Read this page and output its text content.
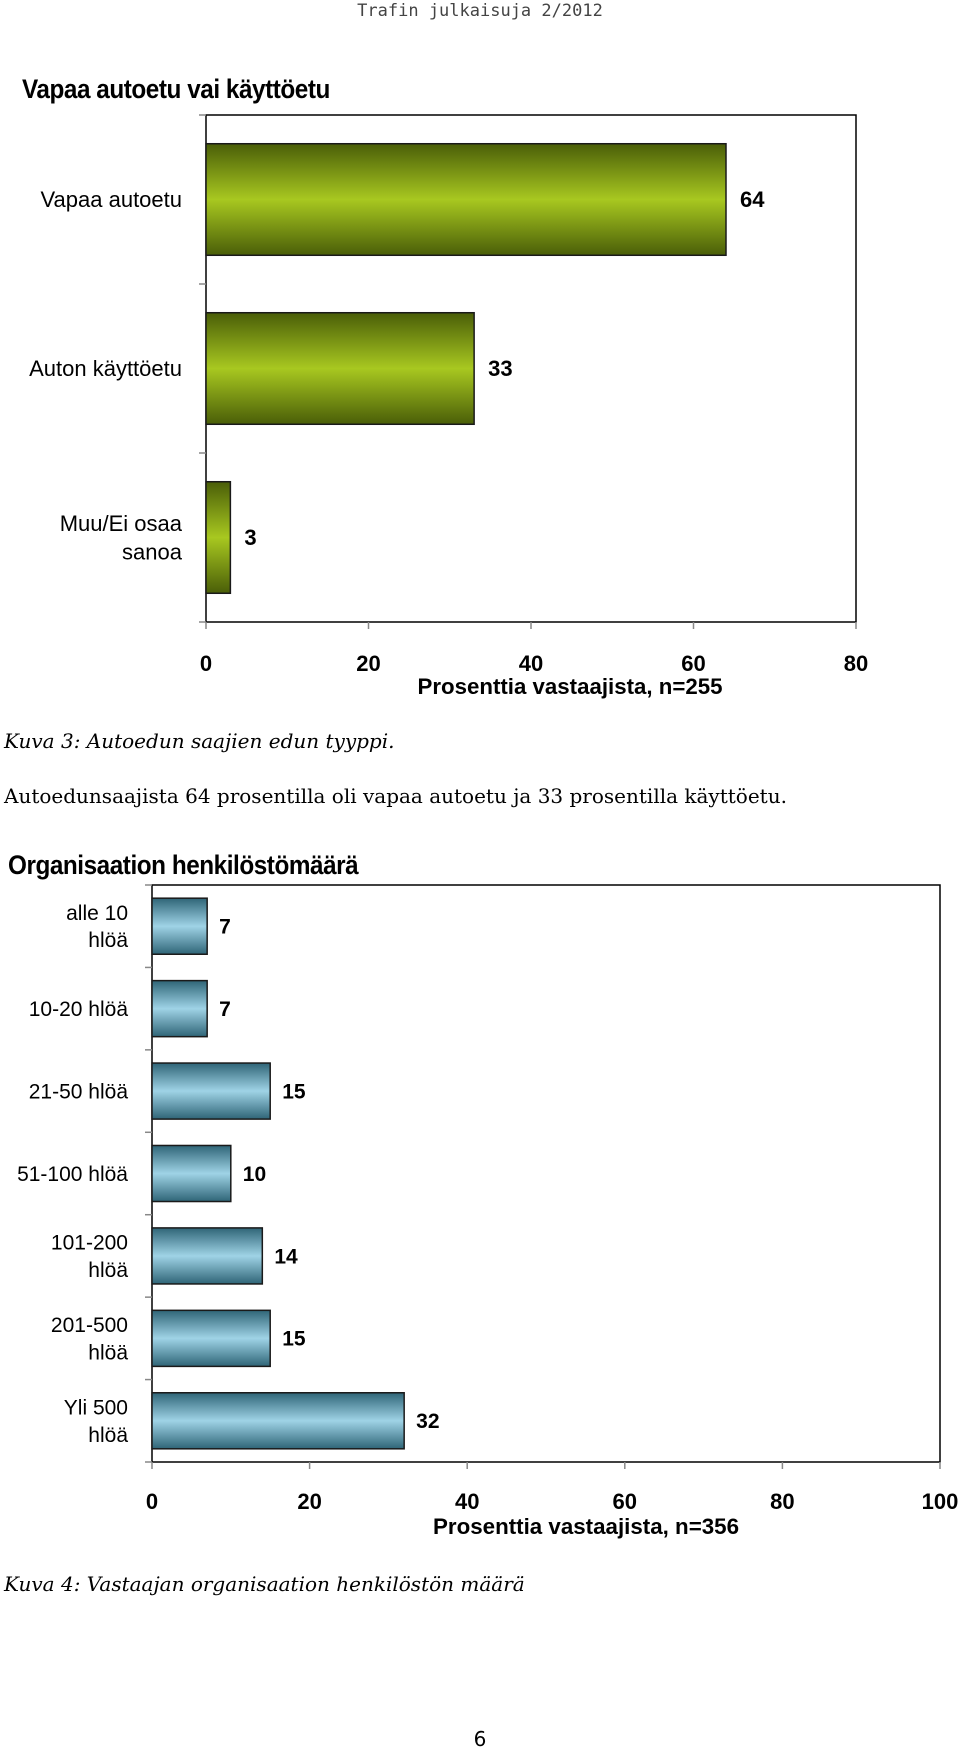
Trafin julkaisuja 2/2012
Vapaa autoetu vai käyttöetu
64
Vapaa autoetu
33
Auton käyttöetu
3
Muu/Ei osaa sanoa
0	20	40	60	80
Prosenttia vastaajista, n=255
Kuva 3: Autoedun saajien edun tyyppi.
Autoedunsaajista 64 prosentilla oli vapaa autoetu ja 33 prosentilla käyttöetu.
Organisaation henkilöstömäärä
7
alle 10 hlöä
7
10-20 hlöä
15
21-50 hlöä
10
51-100 hlöä
14
101-200 hlöä
15
201-500 hlöä
32
Yli 500 hlöä
0	20	40	60	80	100
Prosenttia vastaajista, n=356
Kuva 4: Vastaajan organisaation henkilöstön määrä
6
